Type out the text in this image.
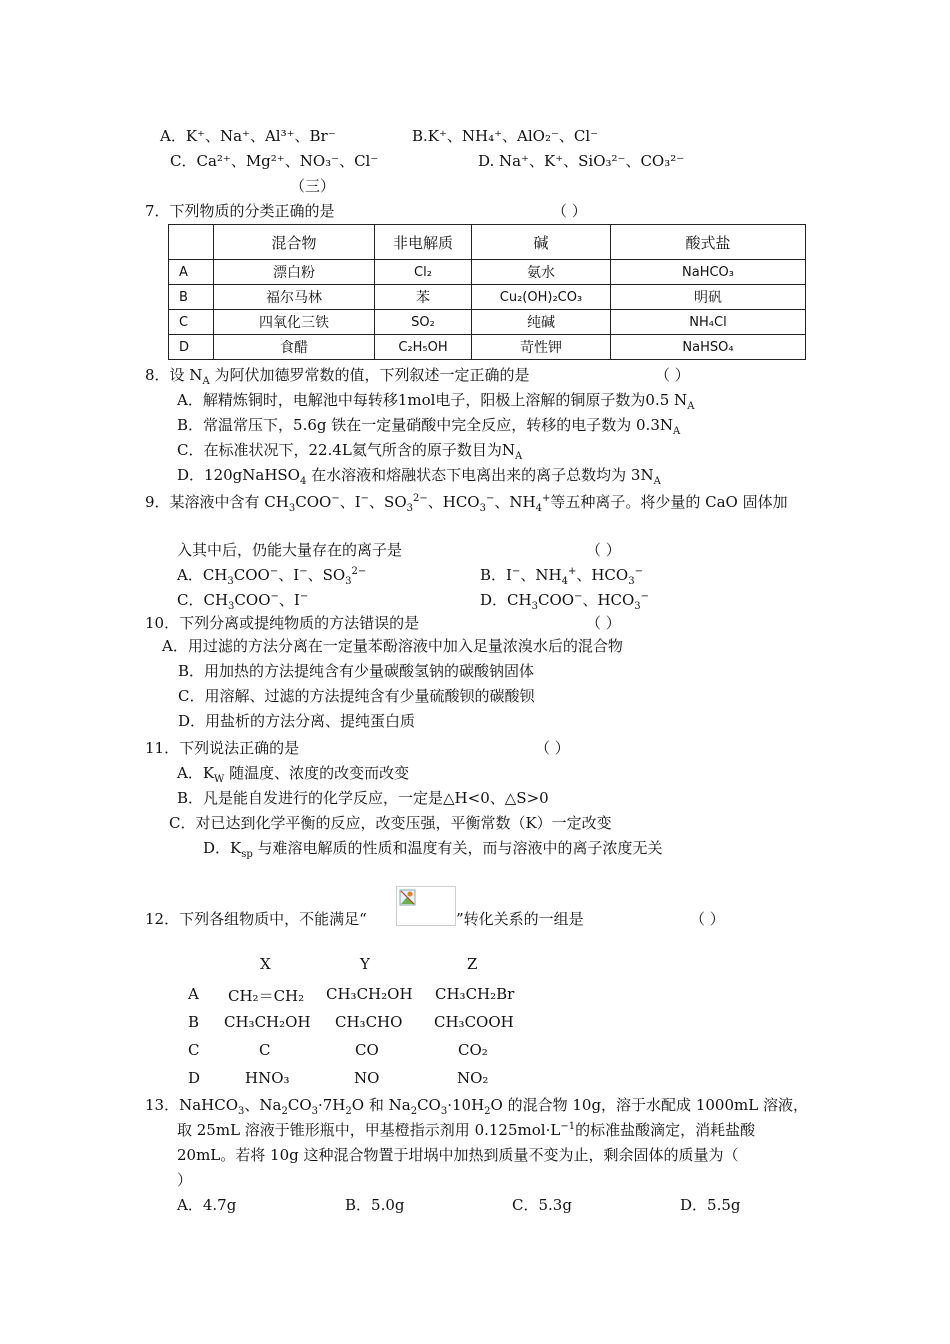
A．K⁺、Na⁺、Al³⁺、Br⁻	B.K⁺、NH₄⁺、AlO₂⁻、Cl⁻
C．Ca²⁺、Mg²⁺、NO₃⁻、Cl⁻	D. Na⁺、K⁺、SiO₃²⁻、CO₃²⁻
（三）
7．下列物质的分类正确的是	（ ）
	混合物	非电解质	碱	酸式盐
A	漂白粉	Cl₂	氨水	NaHCO₃
B	福尔马林	苯	Cu₂(OH)₂CO₃	明矾
C	四氧化三铁	SO₂	纯碱	NH₄Cl
D	食醋	C₂H₅OH	苛性钾	NaHSO₄
8．设 $N_A$ 为阿伏加德罗常数的值，下列叙述一定正确的是	（ ）
A．解精炼铜时，电解池中每转移1mol电子，阳极上溶解的铜原子数为0.5 $N_A$
B．常温常压下，5.6g 铁在一定量硝酸中完全反应，转移的电子数为 $0.3N_A$
C．在标准状况下，22.4L氦气所含的原子数目为$N_A$
D．120gNaHSO$_4$ 在水溶液和熔融状态下电离出来的离子总数均为 $3N_A$
9．某溶液中含有 $CH_3COO^-$、I−、$SO_3^{2-}$、$HCO_3^-$、$NH_4^+$等五种离子。将少量的 CaO 固体加
入其中后，仍能大量存在的离子是	（ ）
A．$CH_3COO^-$、I−、$SO_3^{2-}$	B．I−、$NH_4^+$、$HCO_3^-$
C．$CH_3COO^-$、I−	D．$CH_3COO^-$、$HCO_3^-$
10．下列分离或提纯物质的方法错误的是	（ ）
A．用过滤的方法分离在一定量苯酚溶液中加入足量浓溴水后的混合物
B．用加热的方法提纯含有少量碳酸氢钠的碳酸钠固体
C．用溶解、过滤的方法提纯含有少量硫酸钡的碳酸钡
D．用盐析的方法分离、提纯蛋白质
11．下列说法正确的是	（ ）
A．$K_W$ 随温度、浓度的改变而改变
B．凡是能自发进行的化学反应，一定是△H<0、△S>0
C．对已达到化学平衡的反应，改变压强，平衡常数（K）一定改变
D．$K_{sp}$ 与难溶电解质的性质和温度有关，而与溶液中的离子浓度无关
12．下列各组物质中，不能满足“	”转化关系的一组是	（ ）
X	Y	Z
A CH₂＝CH₂ CH₃CH₂OH CH₃CH₂Br
B CH₃CH₂OH CH₃CHO CH₃COOH
C	C	CO	CO₂
D	HNO₃	NO	NO₂
13．NaHCO$_3$、$Na_2CO_3\cdot 7H_2O$ 和 $Na_2CO_3\cdot 10H_2O$ 的混合物 10g，溶于水配成 1000mL 溶液，
取 25mL 溶液于锥形瓶中，甲基橙指示剂用 $0.125mol\cdot L^{-1}$的标准盐酸滴定，消耗盐酸
20mL。若将 10g 这种混合物置于坩埚中加热到质量不变为止，剩余固体的质量为（
）
A．4.7g	B．5.0g	C．5.3g	D．5.5g
